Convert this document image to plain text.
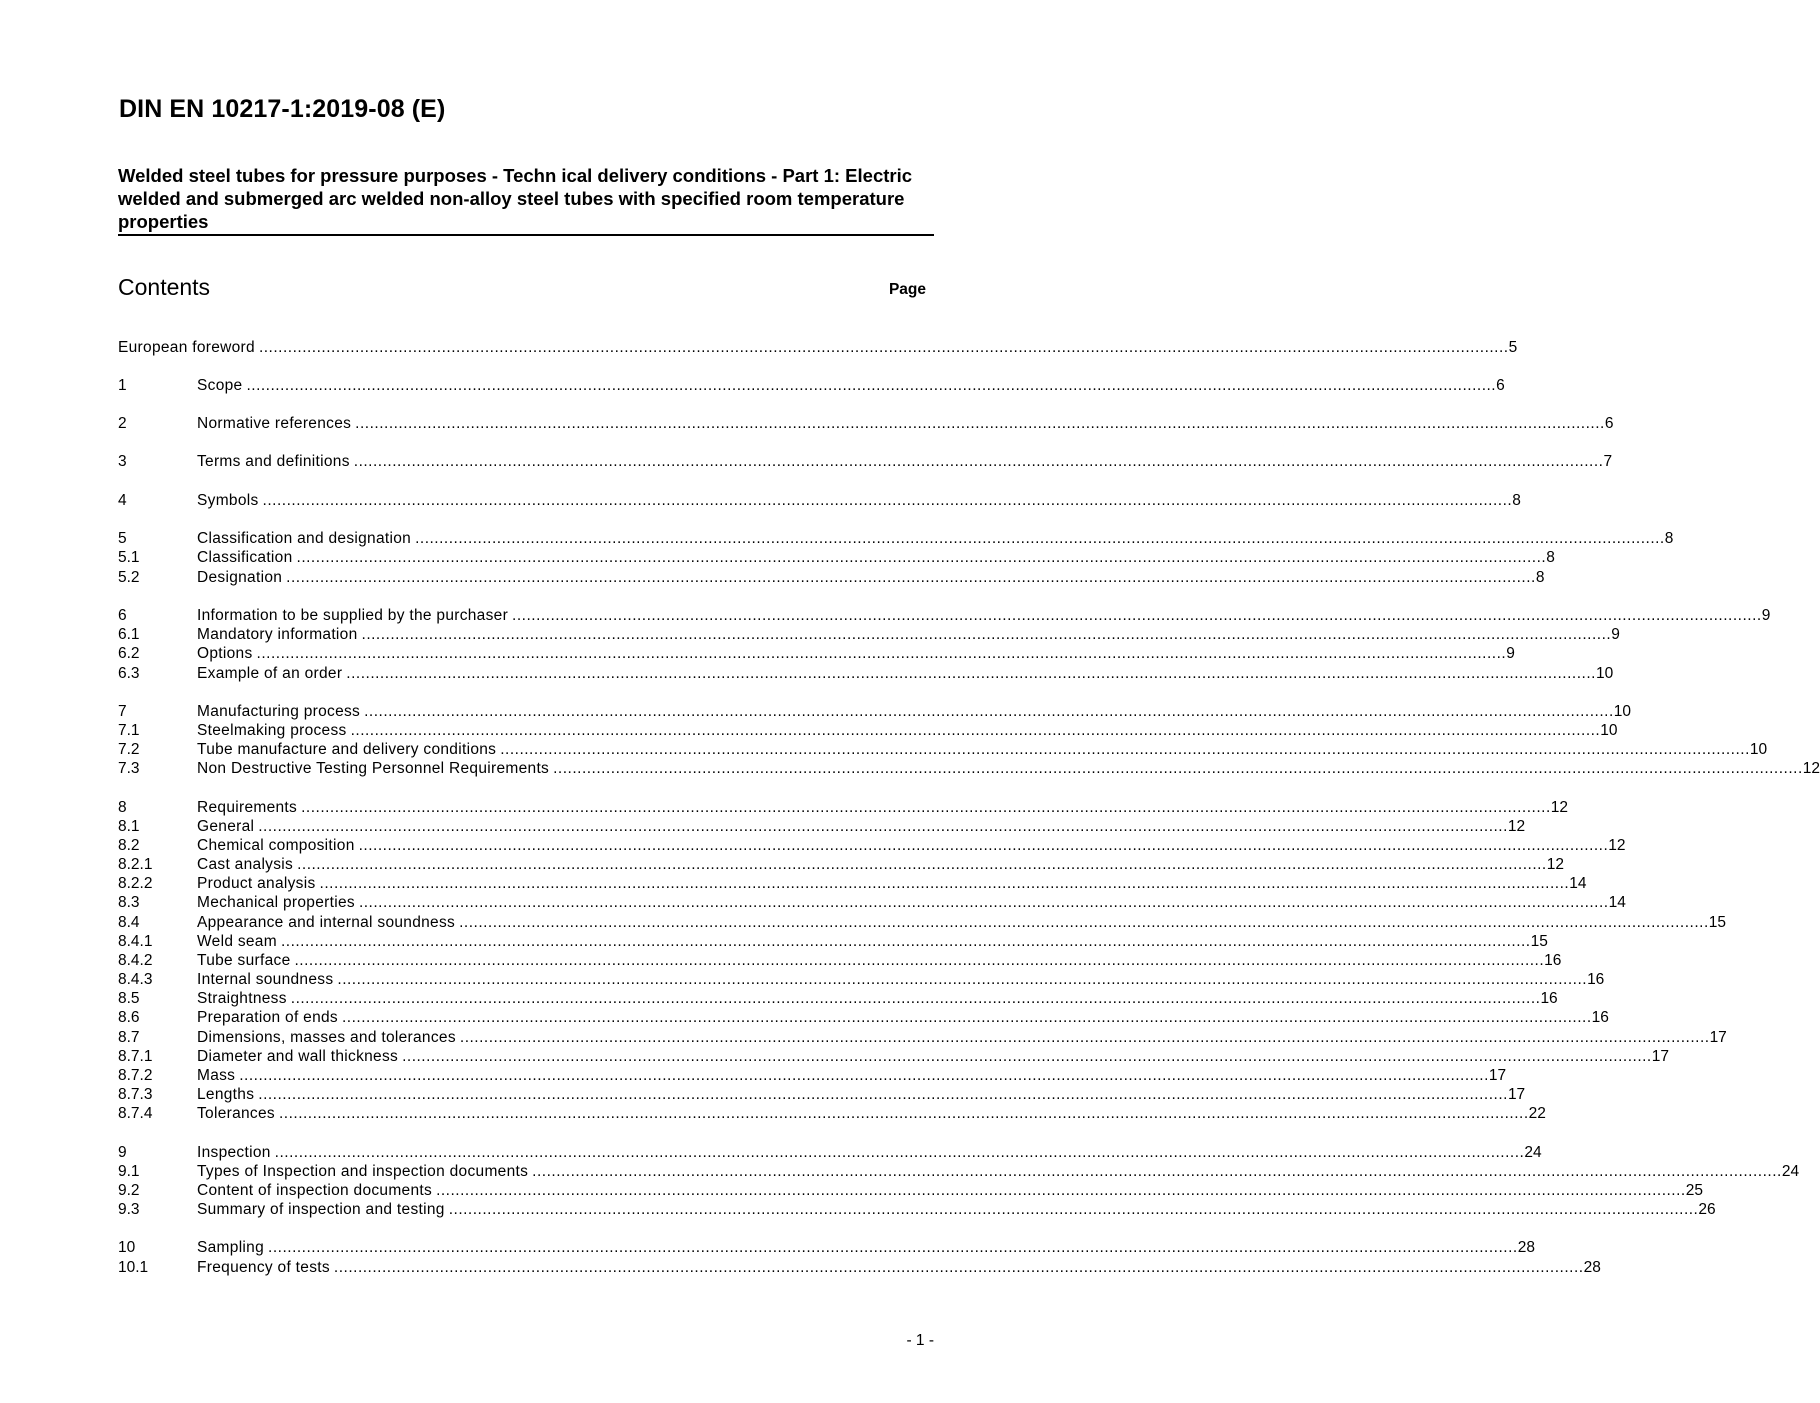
DIN EN 10217-1:2019-08 (E)
Welded steel tubes for pressure purposes - Techn ical delivery conditions - Part 1: Electric welded and submerged arc welded non-alloy steel tubes with specified room temperature properties
Contents	Page
European foreword .................................................................................................................................................................................................................................................................... 5
1	Scope .................................................................................................................................................................................................................................................................... 6
2	Normative references .................................................................................................................................................................................................................................................................... 6
3	Terms and definitions .................................................................................................................................................................................................................................................................... 7
4	Symbols .................................................................................................................................................................................................................................................................... 8
5	Classification and designation .................................................................................................................................................................................................................................................................... 8
5.1	Classification .................................................................................................................................................................................................................................................................... 8
5.2	Designation .................................................................................................................................................................................................................................................................... 8
6	Information to be supplied by the purchaser .................................................................................................................................................................................................................................................................... 9
6.1	Mandatory information .................................................................................................................................................................................................................................................................... 9
6.2	Options .................................................................................................................................................................................................................................................................... 9
6.3	Example of an order .................................................................................................................................................................................................................................................................... 10
7	Manufacturing process .................................................................................................................................................................................................................................................................... 10
7.1	Steelmaking process .................................................................................................................................................................................................................................................................... 10
7.2	Tube manufacture and delivery conditions .................................................................................................................................................................................................................................................................... 10
7.3	Non Destructive Testing Personnel Requirements .................................................................................................................................................................................................................................................................... 12
8	Requirements .................................................................................................................................................................................................................................................................... 12
8.1	General .................................................................................................................................................................................................................................................................... 12
8.2	Chemical composition .................................................................................................................................................................................................................................................................... 12
8.2.1	Cast analysis .................................................................................................................................................................................................................................................................... 12
8.2.2	Product analysis .................................................................................................................................................................................................................................................................... 14
8.3	Mechanical properties .................................................................................................................................................................................................................................................................... 14
8.4	Appearance and internal soundness .................................................................................................................................................................................................................................................................... 15
8.4.1	Weld seam .................................................................................................................................................................................................................................................................... 15
8.4.2	Tube surface .................................................................................................................................................................................................................................................................... 16
8.4.3	Internal soundness .................................................................................................................................................................................................................................................................... 16
8.5	Straightness .................................................................................................................................................................................................................................................................... 16
8.6	Preparation of ends .................................................................................................................................................................................................................................................................... 16
8.7	Dimensions, masses and tolerances .................................................................................................................................................................................................................................................................... 17
8.7.1	Diameter and wall thickness .................................................................................................................................................................................................................................................................... 17
8.7.2	Mass .................................................................................................................................................................................................................................................................... 17
8.7.3	Lengths .................................................................................................................................................................................................................................................................... 17
8.7.4	Tolerances .................................................................................................................................................................................................................................................................... 22
9	Inspection .................................................................................................................................................................................................................................................................... 24
9.1	Types of Inspection and inspection documents .................................................................................................................................................................................................................................................................... 24
9.2	Content of inspection documents .................................................................................................................................................................................................................................................................... 25
9.3	Summary of inspection and testing .................................................................................................................................................................................................................................................................... 26
10	Sampling .................................................................................................................................................................................................................................................................... 28
10.1	Frequency of tests .................................................................................................................................................................................................................................................................... 28
- 1 -
